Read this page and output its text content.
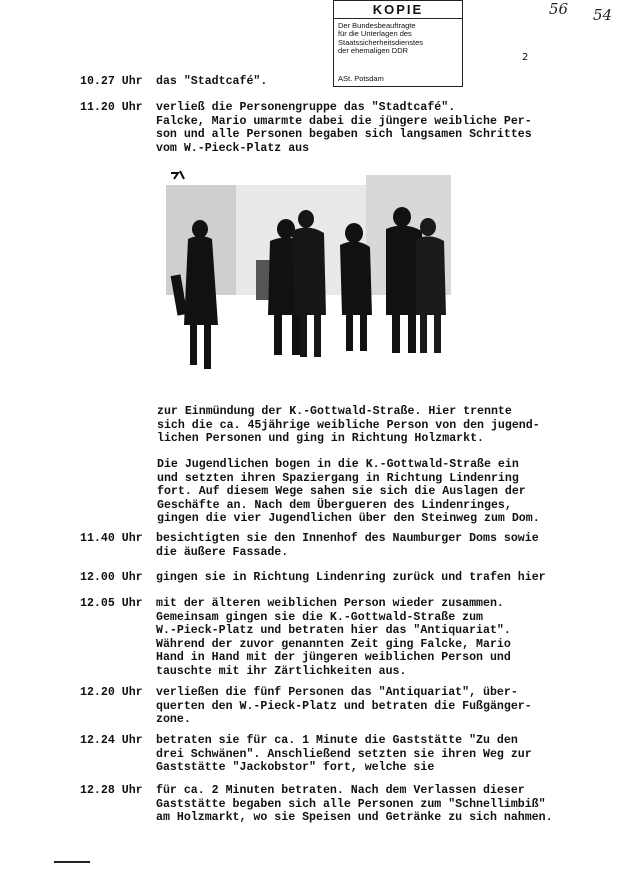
KOPIE
Der Bundesbeauftragte
für die Unterlagen des
Staatssicherheitsdienstes
der ehemaligen DDR
ASt. Potsdam
56 54
2
10.27 Uhr	das "Stadtcafé".
11.20 Uhr	verließ die Personengruppe das "Stadtcafé".
Falcke, Mario umarmte dabei die jüngere weibliche Per-
son und alle Personen begaben sich langsamen Schrittes
vom W.-Pieck-Platz aus
zur Einmündung der K.-Gottwald-Straße. Hier trennte
sich die ca. 45jährige weibliche Person von den jugend-
lichen Personen und ging in Richtung Holzmarkt.
Die Jugendlichen bogen in die K.-Gottwald-Straße ein
und setzten ihren Spaziergang in Richtung Lindenring
fort. Auf diesem Wege sahen sie sich die Auslagen der
Geschäfte an. Nach dem Übergueren des Lindenringes,
gingen die vier Jugendlichen über den Steinweg zum Dom.
11.40 Uhr	besichtigten sie den Innenhof des Naumburger Doms sowie
die äußere Fassade.
12.00 Uhr	gingen sie in Richtung Lindenring zurück und trafen hier
12.05 Uhr	mit der älteren weiblichen Person wieder zusammen.
Gemeinsam gingen sie die K.-Gottwald-Straße zum
W.-Pieck-Platz und betraten hier das "Antiquariat".
Während der zuvor genannten Zeit ging Falcke, Mario
Hand in Hand mit der jüngeren weiblichen Person und
tauschte mit ihr Zärtlichkeiten aus.
12.20 Uhr	verließen die fünf Personen das "Antiquariat", über-
querten den W.-Pieck-Platz und betraten die Fußgänger-
zone.
12.24 Uhr	betraten sie für ca. 1 Minute die Gaststätte "Zu den
drei Schwänen". Anschließend setzten sie ihren Weg zur
Gaststätte "Jackobstor" fort, welche sie
12.28 Uhr	für ca. 2 Minuten betraten. Nach dem Verlassen dieser
Gaststätte begaben sich alle Personen zum "Schnellimbiß"
am Holzmarkt, wo sie Speisen und Getränke zu sich nahmen.
